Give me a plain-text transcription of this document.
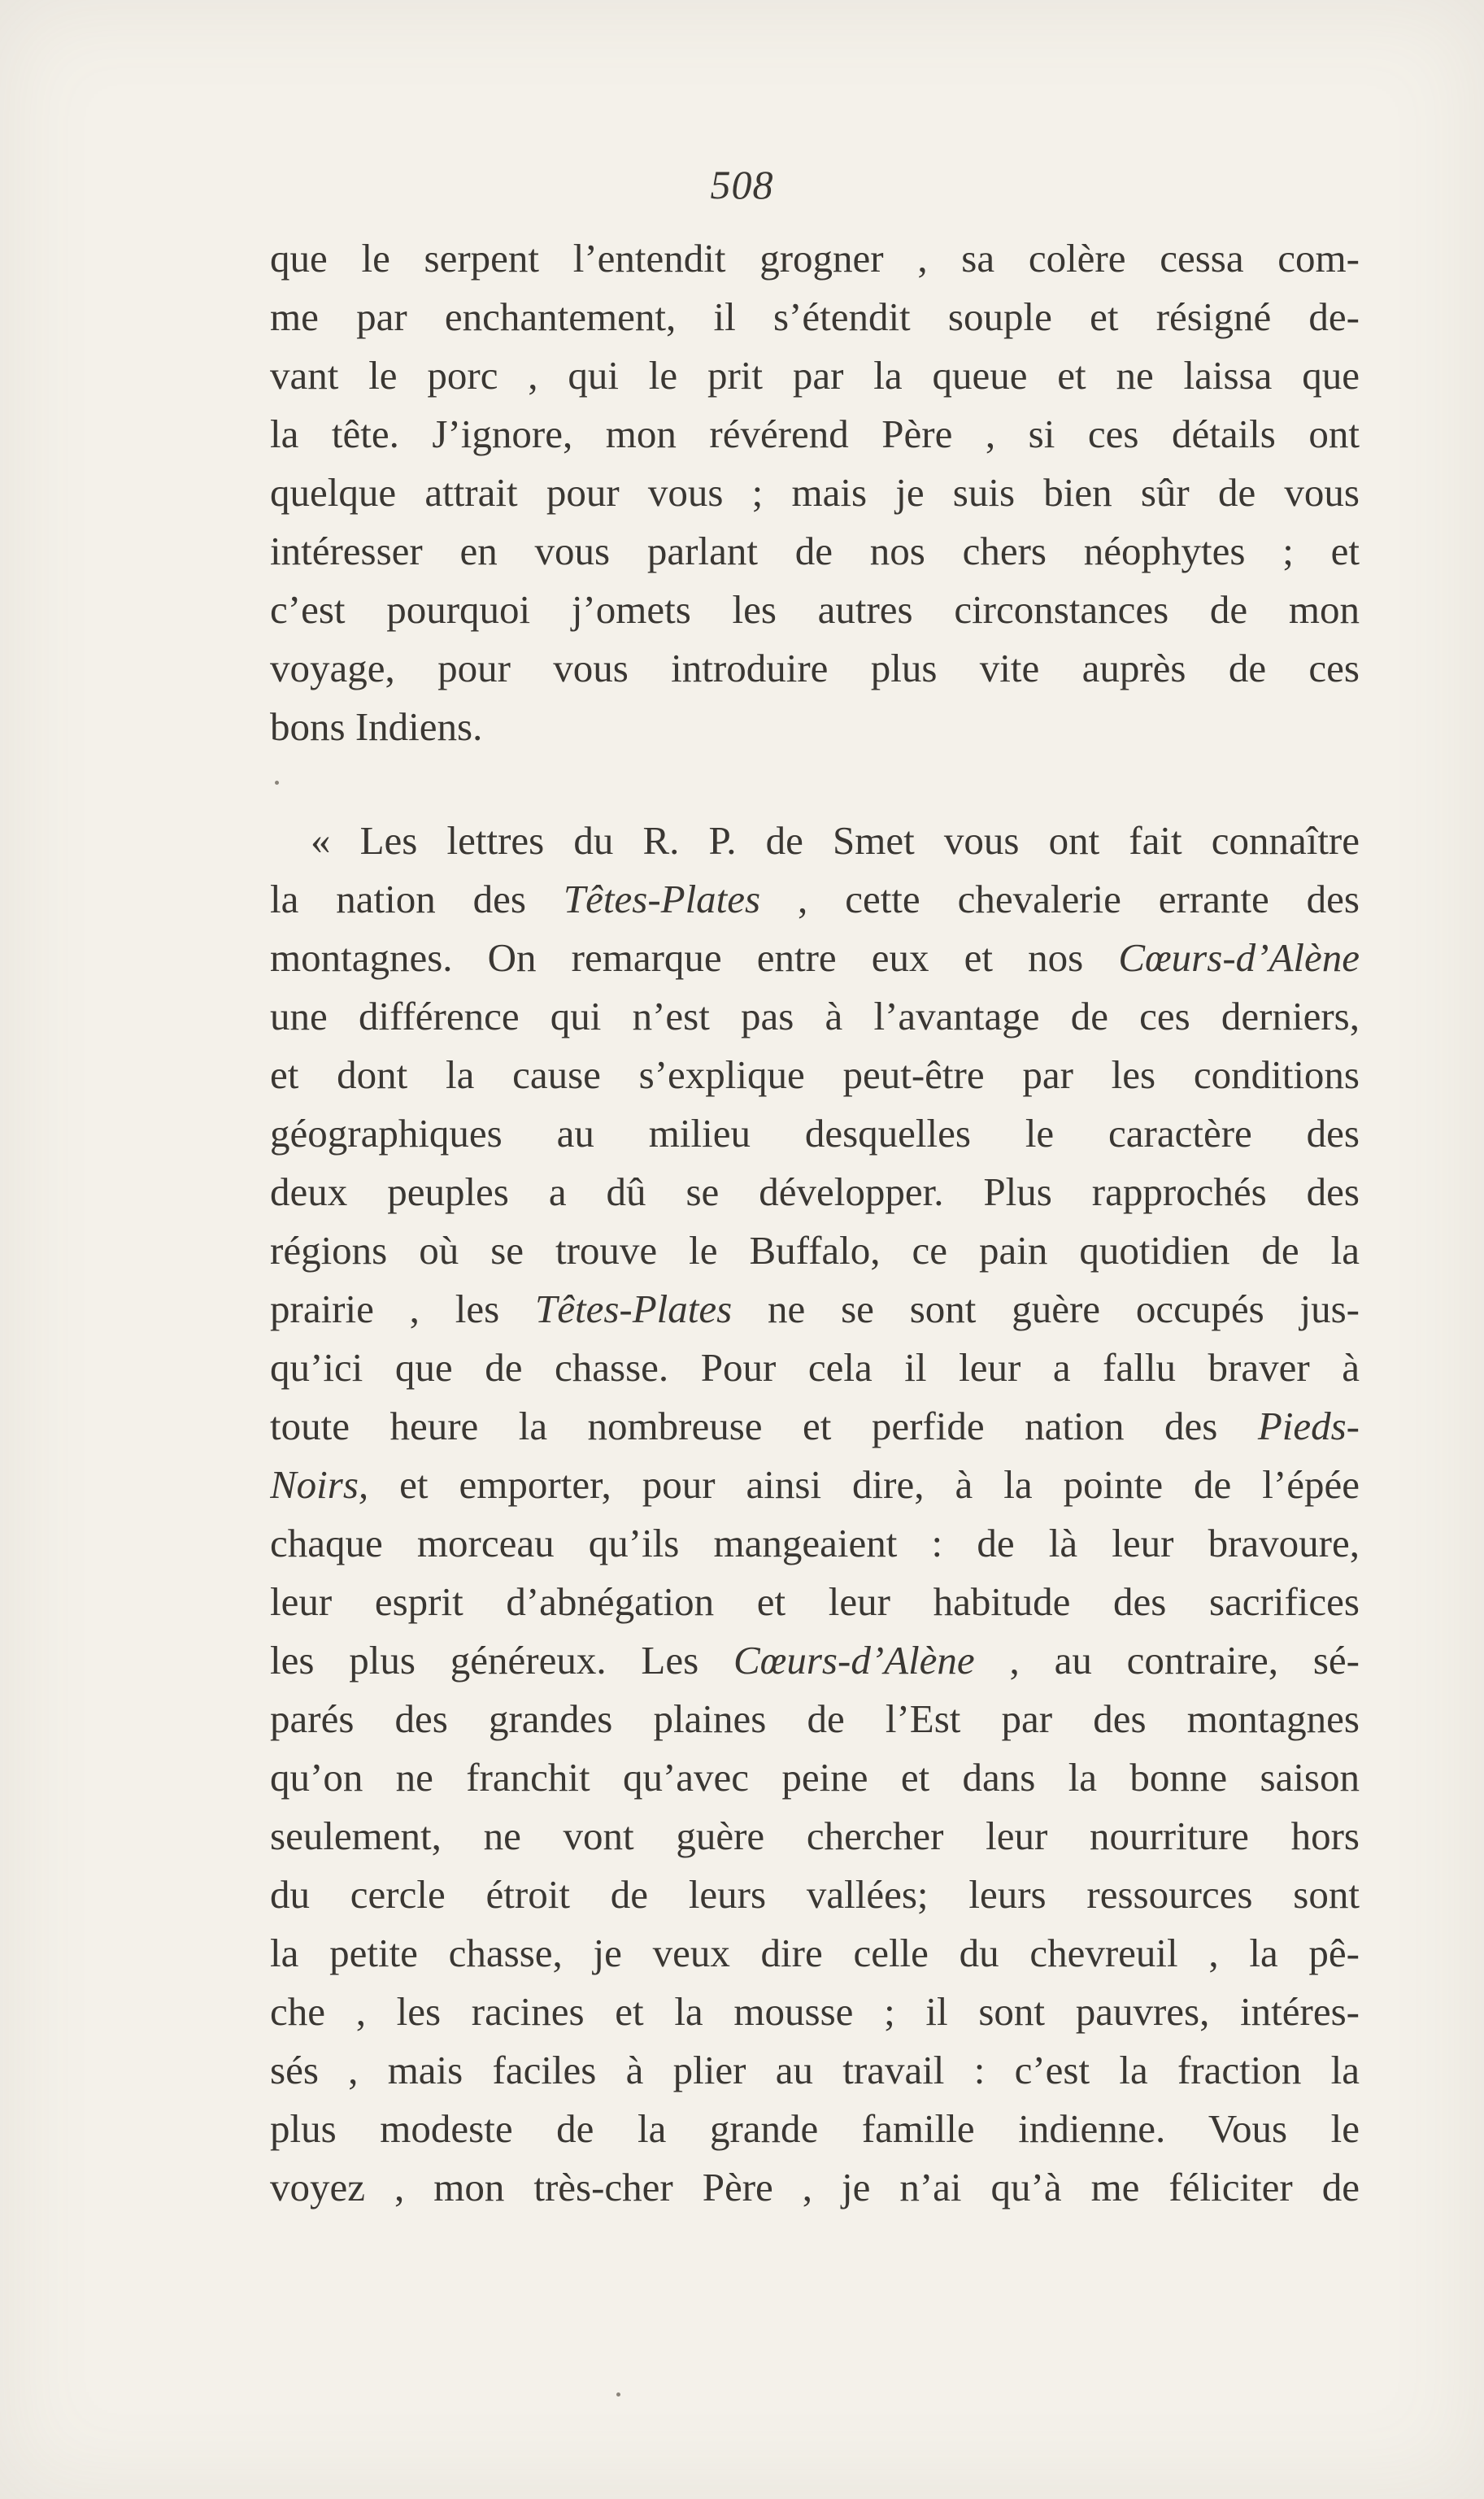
508
que le serpent l’entendit grogner , sa colère cessa com-
me par enchantement, il s’étendit souple et résigné de-
vant le porc , qui le prit par la queue et ne laissa que
la tête. J’ignore, mon révérend Père , si ces détails ont
quelque attrait pour vous ; mais je suis bien sûr de vous
intéresser en vous parlant de nos chers néophytes ; et
c’est pourquoi j’omets les autres circonstances de mon
voyage, pour vous introduire plus vite auprès de ces
bons Indiens.
« Les lettres du R. P. de Smet vous ont fait connaître
la nation des Têtes-Plates , cette chevalerie errante des
montagnes. On remarque entre eux et nos Cœurs-d’Alène
une différence qui n’est pas à l’avantage de ces derniers,
et dont la cause s’explique peut-être par les conditions
géographiques au milieu desquelles le caractère des
deux peuples a dû se développer. Plus rapprochés des
régions où se trouve le Buffalo, ce pain quotidien de la
prairie , les Têtes-Plates ne se sont guère occupés jus-
qu’ici que de chasse. Pour cela il leur a fallu braver à
toute heure la nombreuse et perfide nation des Pieds-
Noirs, et emporter, pour ainsi dire, à la pointe de l’épée
chaque morceau qu’ils mangeaient : de là leur bravoure,
leur esprit d’abnégation et leur habitude des sacrifices
les plus généreux. Les Cœurs-d’Alène , au contraire, sé-
parés des grandes plaines de l’Est par des montagnes
qu’on ne franchit qu’avec peine et dans la bonne saison
seulement, ne vont guère chercher leur nourriture hors
du cercle étroit de leurs vallées; leurs ressources sont
la petite chasse, je veux dire celle du chevreuil , la pê-
che , les racines et la mousse ; il sont pauvres, intéres-
sés , mais faciles à plier au travail : c’est la fraction la
plus modeste de la grande famille indienne. Vous le
voyez , mon très-cher Père , je n’ai qu’à me féliciter de
